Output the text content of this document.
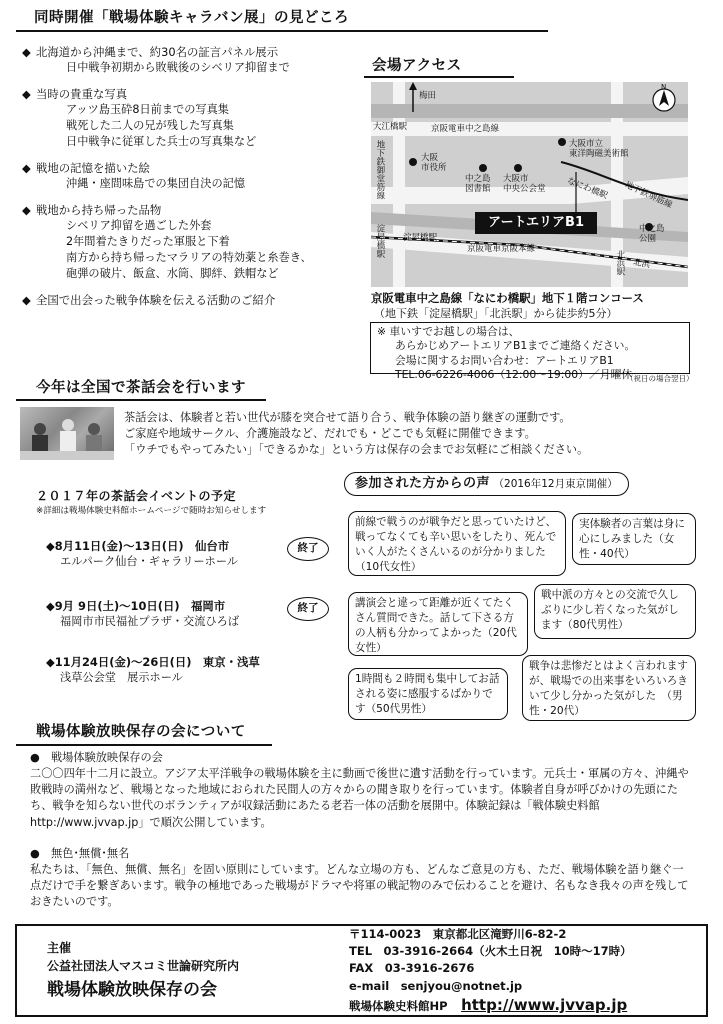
同時開催「戦場体験キャラバン展」の見どころ
◆ 北海道から沖縄まで、約30名の証言パネル展示
日中戦争初期から敗戦後のシベリア抑留まで
◆ 当時の貴重な写真
アッツ島玉砕8日前までの写真集
戦死した二人の兄が残した写真集
日中戦争に従軍した兵士の写真集など
◆ 戦地の記憶を描いた絵
沖縄・座間味島での集団自決の記憶
◆ 戦地から持ち帰った品物
シベリア抑留を過ごした外套
2年間着たきりだった軍服と下着
南方から持ち帰ったマラリアの特効薬と糸巻き、
砲弾の破片、飯盒、水筒、脚絆、鉄帽など
◆ 全国で出会った戦争体験を伝える活動のご紹介
会場アクセス
N
梅田
大江橋駅	京阪電車中之島線
地下鉄御堂筋線	大阪
市役所
中之島
図書館
大阪市
中央公会堂
大阪市立
東洋陶磁美術館
なにわ橋駅 地下鉄堺筋線
中之島
公園
淀屋橋駅
京阪電車京阪本線
淀屋橋駅
北浜駅 北浜
アートエリアB1
京阪電車中之島線「なにわ橋駅」地下１階コンコース
（地下鉄「淀屋橋駅」「北浜駅」から徒歩約5分）
※ 車いすでお越しの場合は、
あらかじめアートエリアB1までご連絡ください。
会場に関するお問い合わせ：アートエリアB1
TEL.06-6226-4006（12:00～19:00）／月曜休
（祝日の場合翌日）
今年は全国で茶話会を行います
茶話会は、体験者と若い世代が膝を突合せて語り合う、戦争体験の語り継ぎの運動です。
ご家庭や地域サークル、介護施設など、だれでも・どこでも気軽に開催できます。
「ウチでもやってみたい」「できるかな」という方は保存の会までお気軽にご相談ください。
２０１７年の茶話会イベントの予定
※詳細は戦場体験史料館ホームページで随時お知らせします
◆8月11日(金)～13日(日)　仙台市
エルパーク仙台・ギャラリーホール
終了
◆9月 9日(土)～10日(日)　福岡市
福岡市市民福祉プラザ・交流ひろば
終了
◆11月24日(金)～26日(日)　東京・浅草
浅草公会堂　展示ホール
参加された方からの声 （2016年12月東京開催）
前線で戦うのが戦争だと思っていたけど、戦ってなくても辛い思いをしたり、死んでいく人がたくさんいるのが分かりました（10代女性）
実体験者の言葉は身に心にしみました（女性・40代）
講演会と違って距離が近くてたくさん質問できた。話して下さる方の人柄も分かってよかった（20代女性）
戦中派の方々との交流で久しぶりに少し若くなった気がします（80代男性）
1時間も２時間も集中してお話される姿に感服するばかりです（50代男性）
戦争は悲惨だとはよく言われますが、戦場での出来事をいろいろきいて少し分かった気がした　（男性・20代）
戦場体験放映保存の会について
●　戦場体験放映保存の会
二〇〇四年十二月に設立。アジア太平洋戦争の戦場体験を主に動画で後世に遺す活動を行っています。元兵士・軍属の方々、沖縄や敗戦時の満州など、戦場となった地域におられた民間人の方々からの聞き取りを行っています。体験者自身が呼びかけの先頭にたち、戦争を知らない世代のボランティアが収録活動にあたる老若一体の活動を展開中。体験記録は「戦体験史料館http://www.jvvap.jp」で順次公開しています。
●　無色･無償･無名
私たちは、「無色、無償、無名」を固い原則にしています。どんな立場の方も、どんなご意見の方も、ただ、戦場体験を語り継ぐ一点だけで手を繋ぎあいます。戦争の極地であった戦場がドラマや将軍の戦記物のみで伝わることを避け、名もなき我々の声を残しておきたいのです。
主催
公益社団法人マスコミ世論研究所内
戦場体験放映保存の会
〒114-0023　東京都北区滝野川6-82-2
TEL　03-3916-2664（火木土日祝　10時～17時）
FAX　03-3916-2676
e-mail　senjyou@notnet.jp
戦場体験史料館HP http://www.jvvap.jp
